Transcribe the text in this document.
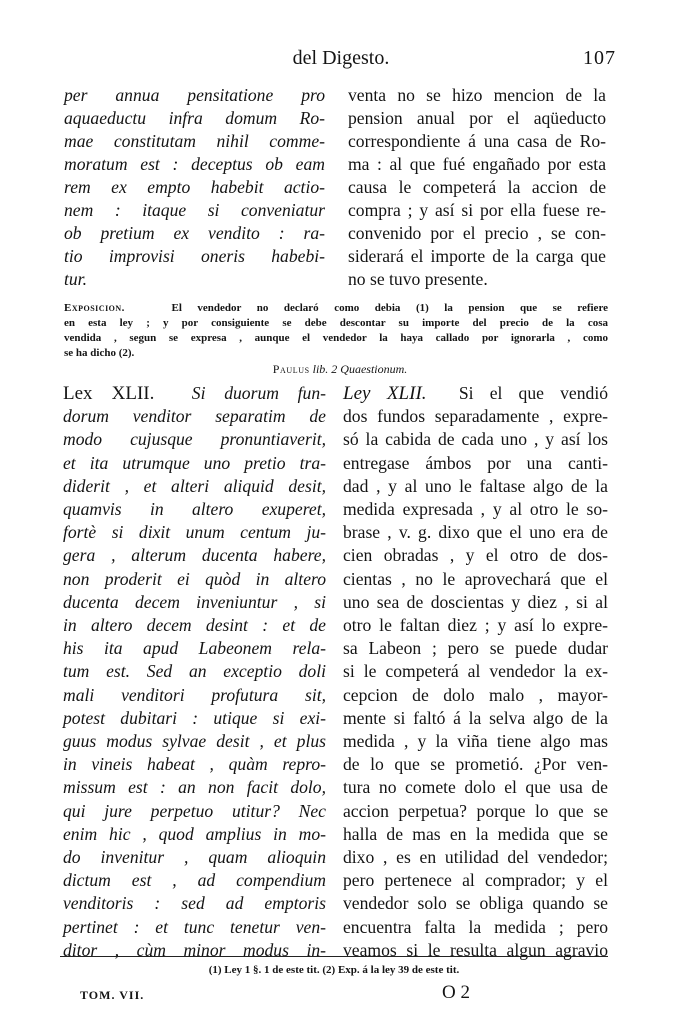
del Digesto.	107
per annua pensitatione pro
aquaeductu infra domum Ro-
mae constitutam nihil comme-
moratum est : deceptus ob eam
rem ex empto habebit actio-
nem : itaque si conveniatur
ob pretium ex vendito : ra-
tio improvisi oneris habebi-
tur.
venta no se hizo mencion de la
pension anual por el aqüeducto
correspondiente á una casa de Ro-
ma : al que fué engañado por esta
causa le competerá la accion de
compra ; y así si por ella fuese re-
convenido por el precio , se con-
siderará el importe de la carga que
no se tuvo presente.
Exposicion.	El vendedor no declaró como debia (1) la pension que se refiere
en esta ley ; y por consiguiente se debe descontar su importe del precio de la cosa
vendida , segun se expresa , aunque el vendedor la haya callado por ignorarla , como
se ha dicho (2).
Paulus lib. 2 Quaestionum.
Lex XLII. Si duorum fun-
dorum venditor separatim de
modo cujusque pronuntiaverit,
et ita utrumque uno pretio tra-
diderit , et alteri aliquid desit,
quamvis in altero exuperet,
fortè si dixit unum centum ju-
gera , alterum ducenta habere,
non proderit ei quòd in altero
ducenta decem inveniuntur , si
in altero decem desint : et de
his ita apud Labeonem rela-
tum est. Sed an exceptio doli
mali venditori profutura sit,
potest dubitari : utique si exi-
guus modus sylvae desit , et plus
in vineis habeat , quàm repro-
missum est : an non facit dolo,
qui jure perpetuo utitur? Nec
enim hic , quod amplius in mo-
do invenitur , quam alioquin
dictum est , ad compendium
venditoris : sed ad emptoris
pertinet : et tunc tenetur ven-
ditor , cùm minor modus in-
Ley XLII. Si el que vendió
dos fundos separadamente , expre-
só la cabida de cada uno , y así los
entregase ámbos por una canti-
dad , y al uno le faltase algo de la
medida expresada , y al otro le so-
brase , v. g. dixo que el uno era de
cien obradas , y el otro de dos-
cientas , no le aprovechará que el
uno sea de doscientas y diez , si al
otro le faltan diez ; y así lo expre-
sa Labeon ; pero se puede dudar
si le competerá al vendedor la ex-
cepcion de dolo malo , mayor-
mente si faltó á la selva algo de la
medida , y la viña tiene algo mas
de lo que se prometió. ¿Por ven-
tura no comete dolo el que usa de
accion perpetua? porque lo que se
halla de mas en la medida que se
dixo , es en utilidad del vendedor;
pero pertenece al comprador; y el
vendedor solo se obliga quando se
encuentra falta la medida ; pero
veamos si le resulta algun agravio
(1) Ley 1 §. 1 de este tit. (2) Exp. á la ley 39 de este tit.
TOM. VII.	O 2
